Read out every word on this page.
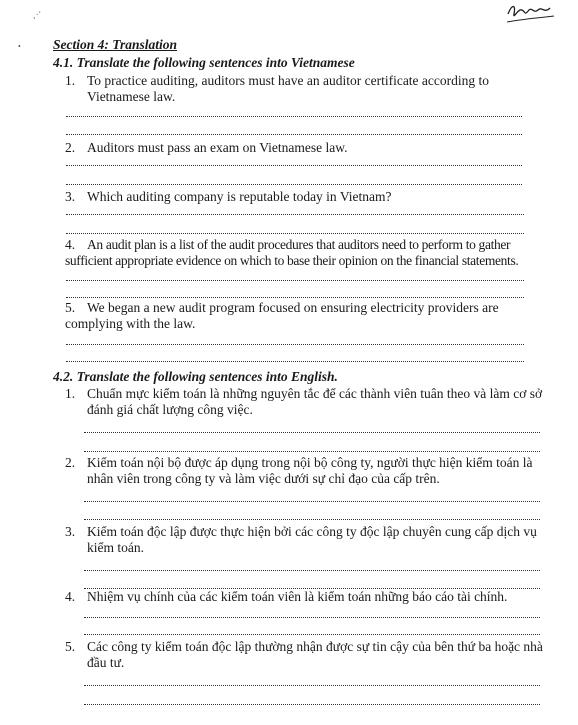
,·'
• Section 4: Translation
4.1. Translate the following sentences into Vietnamese
1. To practice auditing, auditors must have an auditor certificate according to Vietnamese law.
2. Auditors must pass an exam on Vietnamese law.
3. Which auditing company is reputable today in Vietnam?
4. An audit plan is a list of the audit procedures that auditors need to perform to gather sufficient appropriate evidence on which to base their opinion on the financial statements.
5. We began a new audit program focused on ensuring electricity providers are complying with the law.
4.2. Translate the following sentences into English.
1. Chuẩn mực kiểm toán là những nguyên tắc để các thành viên tuân theo và làm cơ sở đánh giá chất lượng công việc.
2. Kiểm toán nội bộ được áp dụng trong nội bộ công ty, người thực hiện kiểm toán là nhân viên trong công ty và làm việc dưới sự chỉ đạo của cấp trên.
3. Kiểm toán độc lập được thực hiện bởi các công ty độc lập chuyên cung cấp dịch vụ kiểm toán.
4. Nhiệm vụ chính của các kiểm toán viên là kiểm toán những báo cáo tài chính.
5. Các công ty kiểm toán độc lập thường nhận được sự tin cậy của bên thứ ba hoặc nhà đầu tư.
